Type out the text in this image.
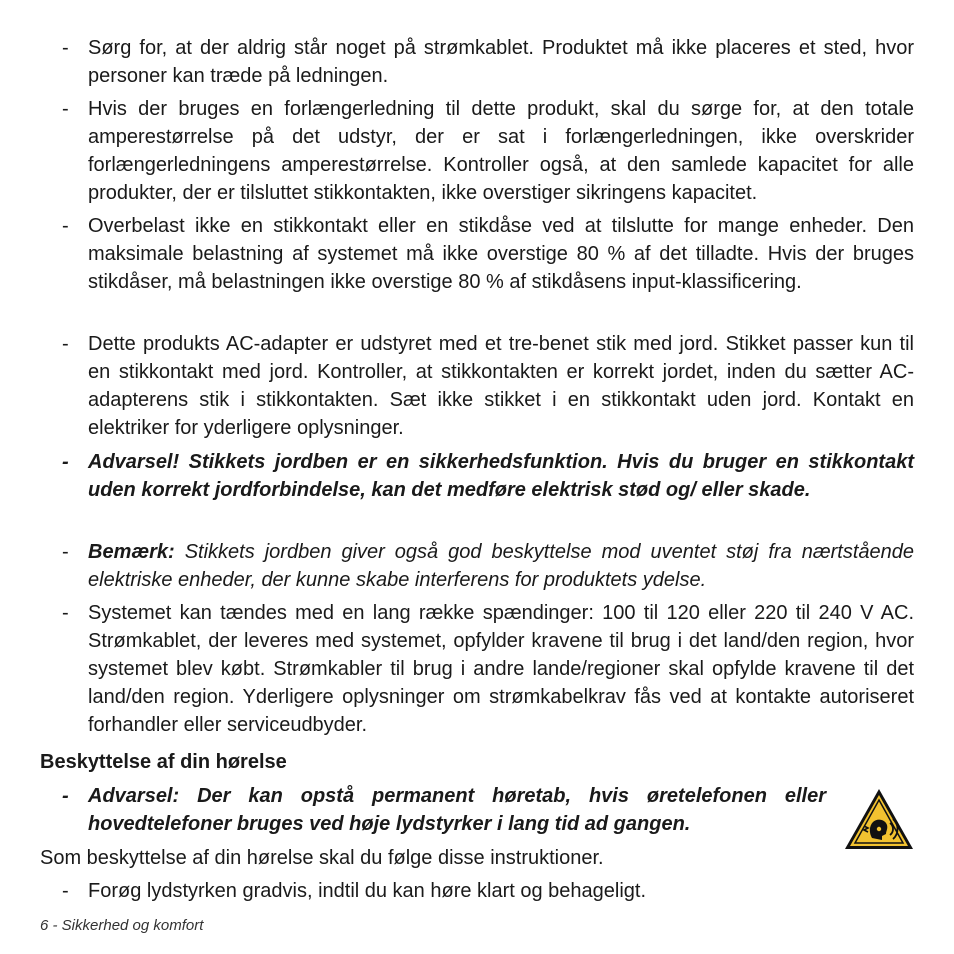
- Sørg for, at der aldrig står noget på strømkablet. Produktet må ikke placeres et sted, hvor personer kan træde på ledningen.
- Hvis der bruges en forlængerledning til dette produkt, skal du sørge for, at den totale amperestørrelse på det udstyr, der er sat i forlængerledningen, ikke overskrider forlængerledningens amperestørrelse. Kontroller også, at den samlede kapacitet for alle produkter, der er tilsluttet stikkontakten, ikke overstiger sikringens kapacitet.
- Overbelast ikke en stikkontakt eller en stikdåse ved at tilslutte for mange enheder. Den maksimale belastning af systemet må ikke overstige 80 % af det tilladte. Hvis der bruges stikdåser, må belastningen ikke overstige 80 % af stikdåsens input-klassificering.
- Dette produkts AC-adapter er udstyret med et tre-benet stik med jord. Stikket passer kun til en stikkontakt med jord. Kontroller, at stikkontakten er korrekt jordet, inden du sætter AC-adapterens stik i stikkontakten. Sæt ikke stikket i en stikkontakt uden jord. Kontakt en elektriker for yderligere oplysninger.
- Advarsel! Stikkets jordben er en sikkerhedsfunktion. Hvis du bruger en stikkontakt uden korrekt jordforbindelse, kan det medføre elektrisk stød og/ eller skade.
- Bemærk: Stikkets jordben giver også god beskyttelse mod uventet støj fra nærtstående elektriske enheder, der kunne skabe interferens for produktets ydelse.
- Systemet kan tændes med en lang række spændinger: 100 til 120 eller 220 til 240 V AC. Strømkablet, der leveres med systemet, opfylder kravene til brug i det land/den region, hvor systemet blev købt. Strømkabler til brug i andre lande/regioner skal opfylde kravene til det land/den region. Yderligere oplysninger om strømkabelkrav fås ved at kontakte autoriseret forhandler eller serviceudbyder.
Beskyttelse af din hørelse
- Advarsel: Der kan opstå permanent høretab, hvis øretelefonen eller hovedtelefoner bruges ved høje lydstyrker i lang tid ad gangen.
Som beskyttelse af din hørelse skal du følge disse instruktioner.
- Forøg lydstyrken gradvis, indtil du kan høre klart og behageligt.
6 - Sikkerhed og komfort
